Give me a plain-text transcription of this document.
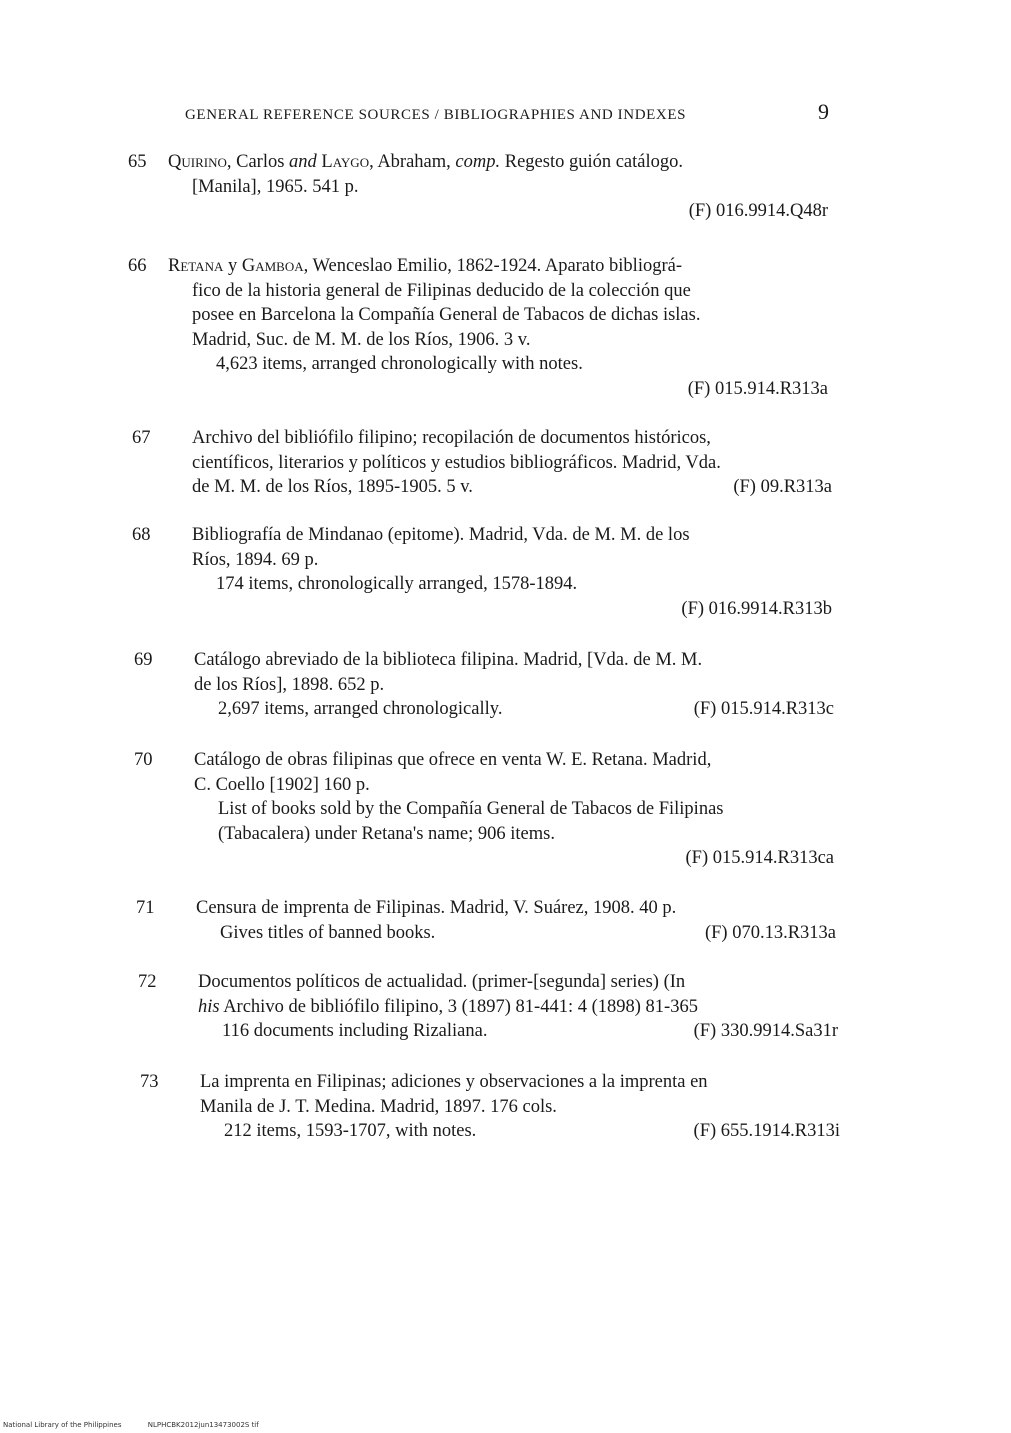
GENERAL REFERENCE SOURCES / BIBLIOGRAPHIES AND INDEXES	9
65 Quirino, Carlos and Laygo, Abraham, comp. Regesto guión catálogo.
[Manila], 1965. 541 p.
(F) 016.9914.Q48r
66 Retana y Gamboa, Wenceslao Emilio, 1862-1924. Aparato bibliográ-
fico de la historia general de Filipinas deducido de la colección que
posee en Barcelona la Compañía General de Tabacos de dichas islas.
Madrid, Suc. de M. M. de los Ríos, 1906. 3 v.
4,623 items, arranged chronologically with notes.
(F) 015.914.R313a
67 Archivo del bibliófilo filipino; recopilación de documentos históricos,
científicos, literarios y políticos y estudios bibliográficos. Madrid, Vda.
de M. M. de los Ríos, 1895-1905. 5 v.	(F) 09.R313a
68 Bibliografía de Mindanao (epitome). Madrid, Vda. de M. M. de los
Ríos, 1894. 69 p.
174 items, chronologically arranged, 1578-1894.
(F) 016.9914.R313b
69 Catálogo abreviado de la biblioteca filipina. Madrid, [Vda. de M. M.
de los Ríos], 1898. 652 p.
2,697 items, arranged chronologically.	(F) 015.914.R313c
70 Catálogo de obras filipinas que ofrece en venta W. E. Retana. Madrid,
C. Coello [1902] 160 p.
List of books sold by the Compañía General de Tabacos de Filipinas
(Tabacalera) under Retana's name; 906 items.
(F) 015.914.R313ca
71 Censura de imprenta de Filipinas. Madrid, V. Suárez, 1908. 40 p.
Gives titles of banned books.	(F) 070.13.R313a
72 Documentos políticos de actualidad. (primer-[segunda] series) (In
his Archivo de bibliófilo filipino, 3 (1897) 81-441: 4 (1898) 81-365
116 documents including Rizaliana.	(F) 330.9914.Sa31r
73 La imprenta en Filipinas; adiciones y observaciones a la imprenta en
Manila de J. T. Medina. Madrid, 1897. 176 cols.
212 items, 1593-1707, with notes.	(F) 655.1914.R313i
National Library of the Philippines	NLPHCBK2012jun13473002S tif
